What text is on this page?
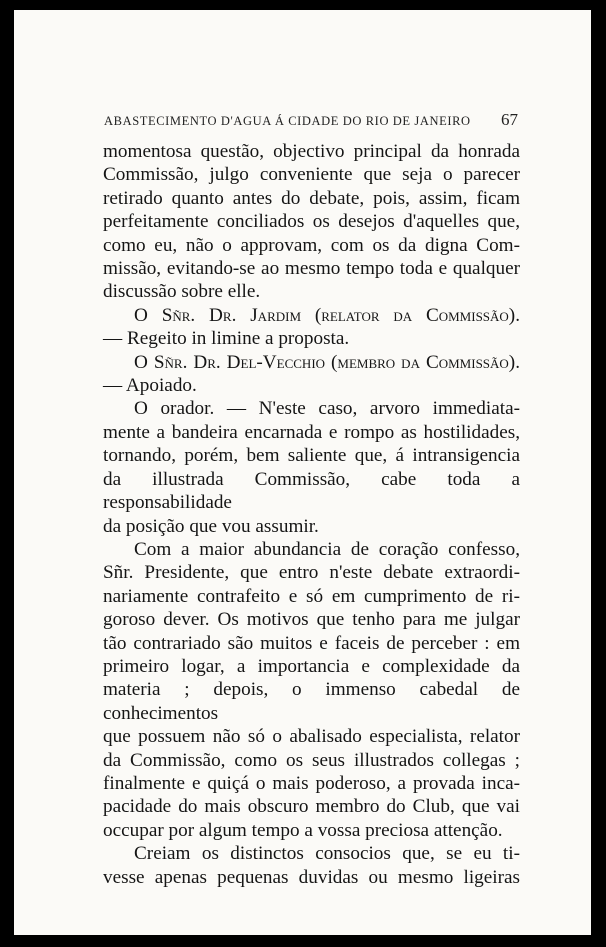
ABASTECIMENTO D'AGUA Á CIDADE DO RIO DE JANEIRO 67

momentosa questão, objectivo principal da honrada

Commissão, julgo conveniente que seja o parecer

retirado quanto antes do debate, pois, assim, ficam

perfeitamente conciliados os desejos d'aquelles que,

como eu, não o approvam, com os da digna Com-

missão, evitando-se ao mesmo tempo toda e qualquer

discussão sobre elle.

O Sñr. Dr. Jardim (relator da Commissão).

— Regeito in limine a proposta.

O Sñr. Dr. Del-Vecchio (membro da Commissão).

— Apoiado.

O orador. — N'este caso, arvoro immediata-

mente a bandeira encarnada e rompo as hostilidades,

tornando, porém, bem saliente que, á intransigencia

da illustrada Commissão, cabe toda a responsabilidade

da posição que vou assumir.

Com a maior abundancia de coração confesso,

Sñr. Presidente, que entro n'este debate extraordi-

nariamente contrafeito e só em cumprimento de ri-

goroso dever. Os motivos que tenho para me julgar

tão contrariado são muitos e faceis de perceber : em

primeiro logar, a importancia e complexidade da

materia ; depois, o immenso cabedal de conhecimentos

que possuem não só o abalisado especialista, relator

da Commissão, como os seus illustrados collegas ;

finalmente e quiçá o mais poderoso, a provada inca-

pacidade do mais obscuro membro do Club, que vai

occupar por algum tempo a vossa preciosa attenção.

Creiam os distinctos consocios que, se eu ti-

vesse apenas pequenas duvidas ou mesmo ligeiras
